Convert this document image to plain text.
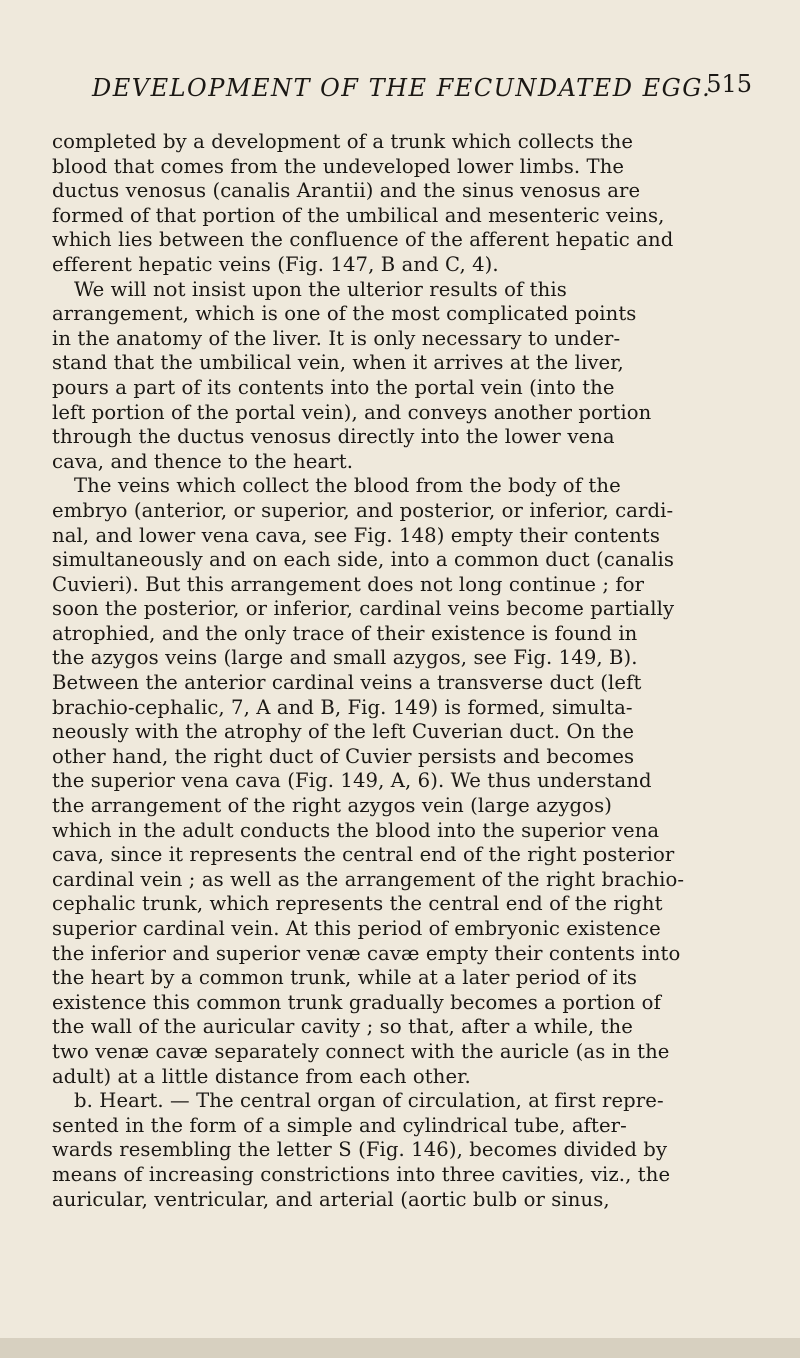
DEVELOPMENT OF THE FECUNDATED EGG.
515
completed by a development of a trunk which collects the
blood that comes from the undeveloped lower limbs. The
ductus venosus (canalis Arantii) and the sinus venosus are
formed of that portion of the umbilical and mesenteric veins,
which lies between the confluence of the afferent hepatic and
efferent hepatic veins (Fig. 147, B and C, 4).
We will not insist upon the ulterior results of this
arrangement, which is one of the most complicated points
in the anatomy of the liver. It is only necessary to under-
stand that the umbilical vein, when it arrives at the liver,
pours a part of its contents into the portal vein (into the
left portion of the portal vein), and conveys another portion
through the ductus venosus directly into the lower vena
cava, and thence to the heart.
The veins which collect the blood from the body of the
embryo (anterior, or superior, and posterior, or inferior, cardi-
nal, and lower vena cava, see Fig. 148) empty their contents
simultaneously and on each side, into a common duct (canalis
Cuvieri). But this arrangement does not long continue ; for
soon the posterior, or inferior, cardinal veins become partially
atrophied, and the only trace of their existence is found in
the azygos veins (large and small azygos, see Fig. 149, B).
Between the anterior cardinal veins a transverse duct (left
brachio-cephalic, 7, A and B, Fig. 149) is formed, simulta-
neously with the atrophy of the left Cuverian duct. On the
other hand, the right duct of Cuvier persists and becomes
the superior vena cava (Fig. 149, A, 6). We thus understand
the arrangement of the right azygos vein (large azygos)
which in the adult conducts the blood into the superior vena
cava, since it represents the central end of the right posterior
cardinal vein ; as well as the arrangement of the right brachio-
cephalic trunk, which represents the central end of the right
superior cardinal vein. At this period of embryonic existence
the inferior and superior venæ cavæ empty their contents into
the heart by a common trunk, while at a later period of its
existence this common trunk gradually becomes a portion of
the wall of the auricular cavity ; so that, after a while, the
two venæ cavæ separately connect with the auricle (as in the
adult) at a little distance from each other.
b. Heart. — The central organ of circulation, at first repre-
sented in the form of a simple and cylindrical tube, after-
wards resembling the letter S (Fig. 146), becomes divided by
means of increasing constrictions into three cavities, viz., the
auricular, ventricular, and arterial (aortic bulb or sinus,
